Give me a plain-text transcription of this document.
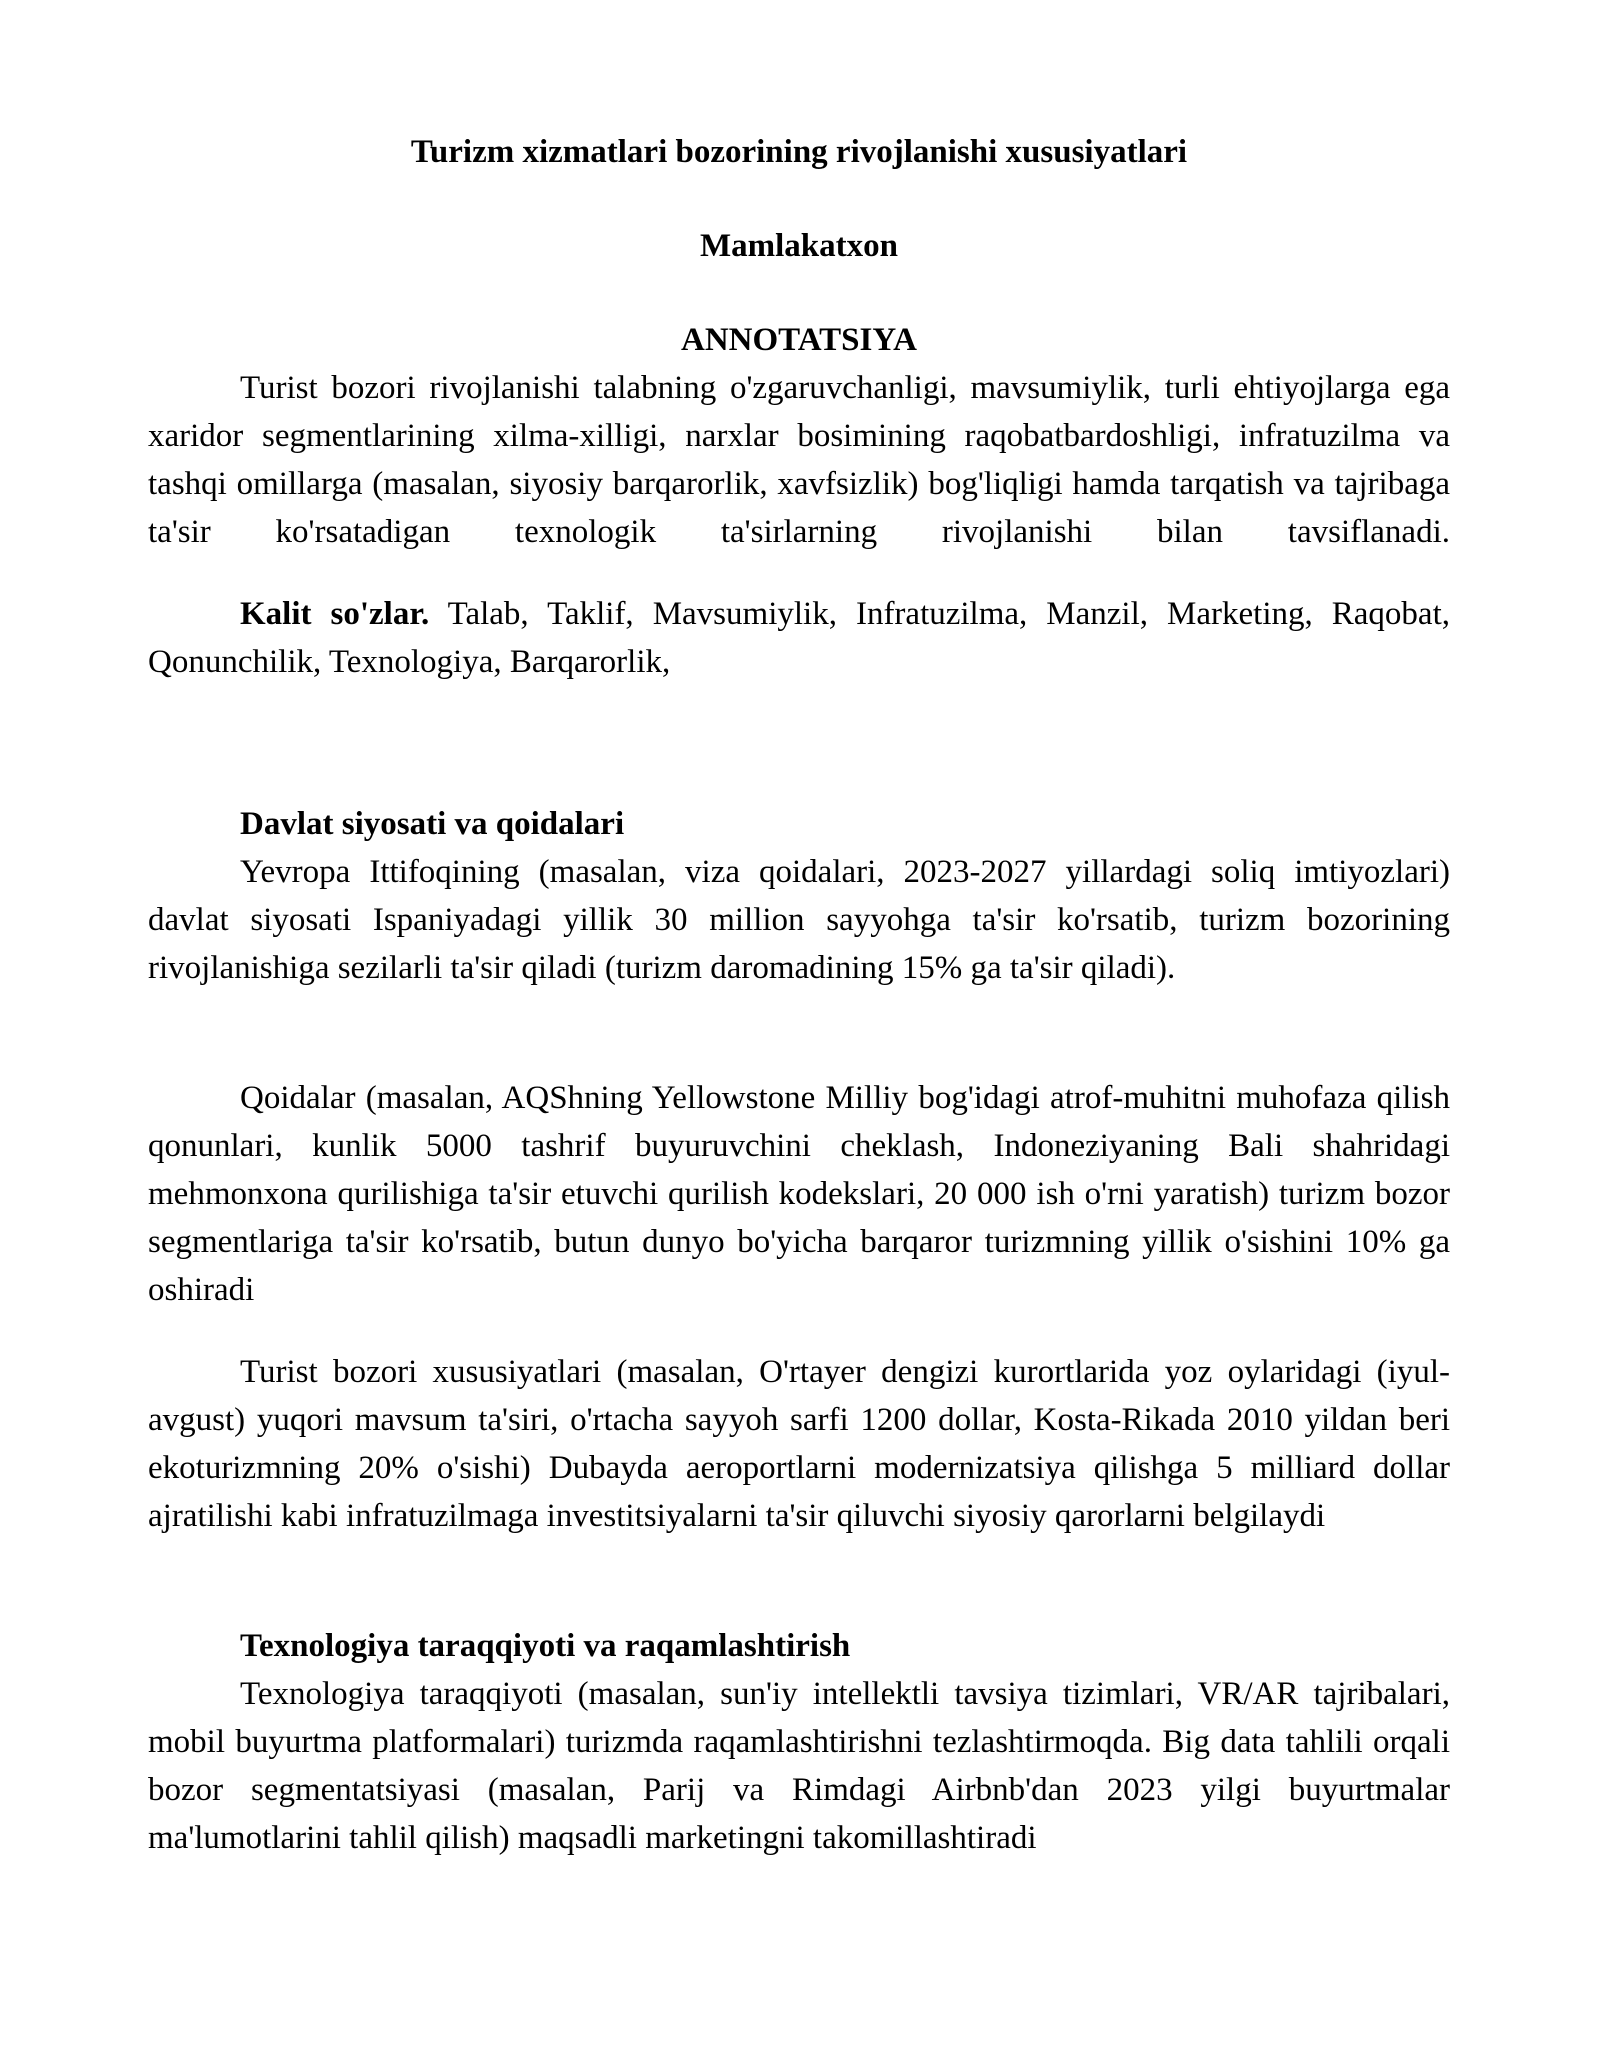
Turizm xizmatlari bozorining rivojlanishi xususiyatlari
Mamlakatxon
ANNOTATSIYA

Turist bozori rivojlanishi talabning o'zgaruvchanligi, mavsumiylik, turli ehtiyojlarga ega xaridor segmentlarining xilma-xilligi, narxlar bosimining raqobatbardoshligi, infratuzilma va tashqi omillarga (masalan, siyosiy barqarorlik, xavfsizlik) bog'liqligi hamda tarqatish va tajribaga ta'sir ko'rsatadigan texnologik ta'sirlarning rivojlanishi bilan tavsiflanadi.

Kalit so'zlar. Talab, Taklif, Mavsumiylik, Infratuzilma, Manzil, Marketing, Raqobat, Qonunchilik, Texnologiya, Barqarorlik,

Davlat siyosati va qoidalari

Yevropa Ittifoqining (masalan, viza qoidalari, 2023-2027 yillardagi soliq imtiyozlari) davlat siyosati Ispaniyadagi yillik 30 million sayyohga ta'sir ko'rsatib, turizm bozorining rivojlanishiga sezilarli ta'sir qiladi (turizm daromadining 15% ga ta'sir qiladi).

Qoidalar (masalan, AQShning Yellowstone Milliy bog'idagi atrof-muhitni muhofaza qilish qonunlari, kunlik 5000 tashrif buyuruvchini cheklash, Indoneziyaning Bali shahridagi mehmonxona qurilishiga ta'sir etuvchi qurilish kodekslari, 20 000 ish o'rni yaratish) turizm bozor segmentlariga ta'sir ko'rsatib, butun dunyo bo'yicha barqaror turizmning yillik o'sishini 10% ga oshiradi

Turist bozori xususiyatlari (masalan, O'rtayer dengizi kurortlarida yoz oylaridagi (iyul-avgust) yuqori mavsum ta'siri, o'rtacha sayyoh sarfi 1200 dollar, Kosta-Rikada 2010 yildan beri ekoturizmning 20% o'sishi) Dubayda aeroportlarni modernizatsiya qilishga 5 milliard dollar ajratilishi kabi infratuzilmaga investitsiyalarni ta'sir qiluvchi siyosiy qarorlarni belgilaydi

Texnologiya taraqqiyoti va raqamlashtirish

Texnologiya taraqqiyoti (masalan, sun'iy intellektli tavsiya tizimlari, VR/AR tajribalari, mobil buyurtma platformalari) turizmda raqamlashtirishni tezlashtirmoqda. Big data tahlili orqali bozor segmentatsiyasi (masalan, Parij va Rimdagi Airbnb'dan 2023 yilgi buyurtmalar ma'lumotlarini tahlil qilish) maqsadli marketingni takomillashtiradi
